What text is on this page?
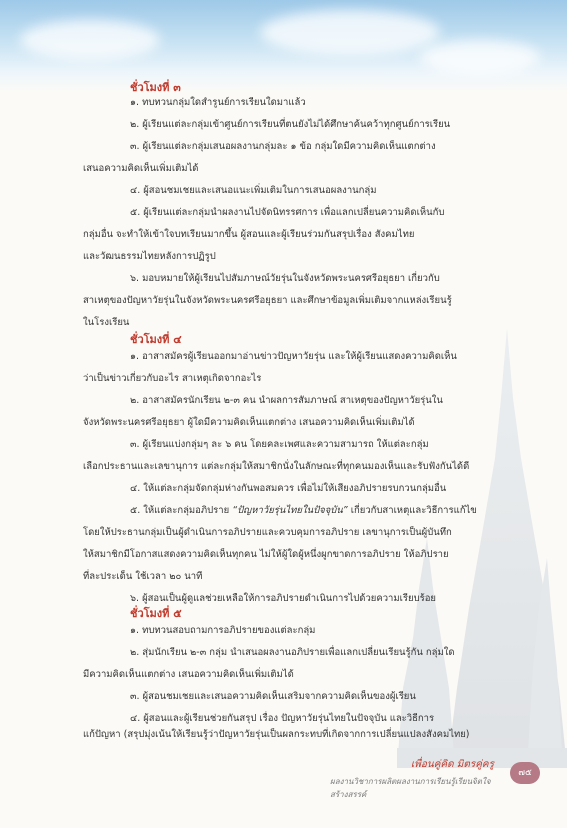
ชั่วโมงที่ ๓
๑. ทบทวนกลุ่มใดสำรูนย์การเรียนใดมาแล้ว
๒. ผู้เรียนแต่ละกลุ่มเข้าศูนย์การเรียนที่ตนยังไม่ได้ศึกษาค้นคว้าทุกศูนย์การเรียน
๓. ผู้เรียนแต่ละกลุ่มเสนอผลงานกลุ่มละ ๑ ข้อ กลุ่มใดมีความคิดเห็นแตกต่าง
เสนอความคิดเห็นเพิ่มเติมได้
๔. ผู้สอนชมเชยและเสนอแนะเพิ่มเติมในการเสนอผลงานกลุ่ม
๕. ผู้เรียนแต่ละกลุ่มนำผลงานไปจัดนิทรรศการ เพื่อแลกเปลี่ยนความคิดเห็นกับ
กลุ่มอื่น จะทำให้เข้าใจบทเรียนมากขึ้น ผู้สอนและผู้เรียนร่วมกันสรุปเรื่อง สังคมไทย
และวัฒนธรรมไทยหลังการปฏิรูป
๖. มอบหมายให้ผู้เรียนไปสัมภาษณ์วัยรุ่นในจังหวัดพระนครศรีอยุธยา เกี่ยวกับ
สาเหตุของปัญหาวัยรุ่นในจังหวัดพระนครศรีอยุธยา และศึกษาข้อมูลเพิ่มเติมจากแหล่งเรียนรู้
ในโรงเรียน
ชั่วโมงที่ ๔
๑. อาสาสมัครผู้เรียนออกมาอ่านข่าวปัญหาวัยรุ่น และให้ผู้เรียนแสดงความคิดเห็น
ว่าเป็นข่าวเกี่ยวกับอะไร สาเหตุเกิดจากอะไร
๒. อาสาสมัครนักเรียน ๒-๓ คน นำผลการสัมภาษณ์ สาเหตุของปัญหาวัยรุ่นใน
จังหวัดพระนครศรีอยุธยา ผู้ใดมีความคิดเห็นแตกต่าง เสนอความคิดเห็นเพิ่มเติมได้
๓. ผู้เรียนแบ่งกลุ่มๆ ละ ๖ คน โดยคละเพศและความสามารถ ให้แต่ละกลุ่ม
เลือกประธานและเลขานุการ แต่ละกลุ่มให้สมาชิกนั่งในลักษณะที่ทุกคนมองเห็นและรับฟังกันได้ดี
๔. ให้แต่ละกลุ่มจัดกลุ่มห่างกันพอสมควร เพื่อไม่ให้เสียงอภิปรายรบกวนกลุ่มอื่น
๕. ให้แต่ละกลุ่มอภิปราย “ปัญหาวัยรุ่นไทยในปัจจุบัน” เกี่ยวกับสาเหตุและวิธีการแก้ไข
โดยให้ประธานกลุ่มเป็นผู้ดำเนินการอภิปรายและควบคุมการอภิปราย เลขานุการเป็นผู้บันทึก
ให้สมาชิกมีโอกาสแสดงความคิดเห็นทุกคน ไม่ให้ผู้ใดผู้หนึ่งผูกขาดการอภิปราย ให้อภิปราย
ที่ละประเด็น ใช้เวลา ๒๐ นาที
๖. ผู้สอนเป็นผู้ดูแลช่วยเหลือให้การอภิปรายดำเนินการไปด้วยความเรียบร้อย
ชั่วโมงที่ ๕
๑. ทบทวนสอบถามการอภิปรายของแต่ละกลุ่ม
๒. สุ่มนักเรียน ๒-๓ กลุ่ม นำเสนอผลงานอภิปรายเพื่อแลกเปลี่ยนเรียนรู้กัน กลุ่มใด
มีความคิดเห็นแตกต่าง เสนอความคิดเห็นเพิ่มเติมได้
๓. ผู้สอนชมเชยและเสนอความคิดเห็นเสริมจากความคิดเห็นของผู้เรียน
๔. ผู้สอนและผู้เรียนช่วยกันสรุป เรื่อง ปัญหาวัยรุ่นไทยในปัจจุบัน และวิธีการ
แก้ปัญหา (สรุปมุ่งเน้นให้เรียนรู้ว่าปัญหาวัยรุ่นเป็นผลกระทบที่เกิดจากการเปลี่ยนแปลงสังคมไทย)
เพื่อนคู่คิด มิตรคู่ครู
ผลงานวิชาการผลิตผลงานการเรียนรู้เรียนจิตใจสร้างสรรค์
๗๕
